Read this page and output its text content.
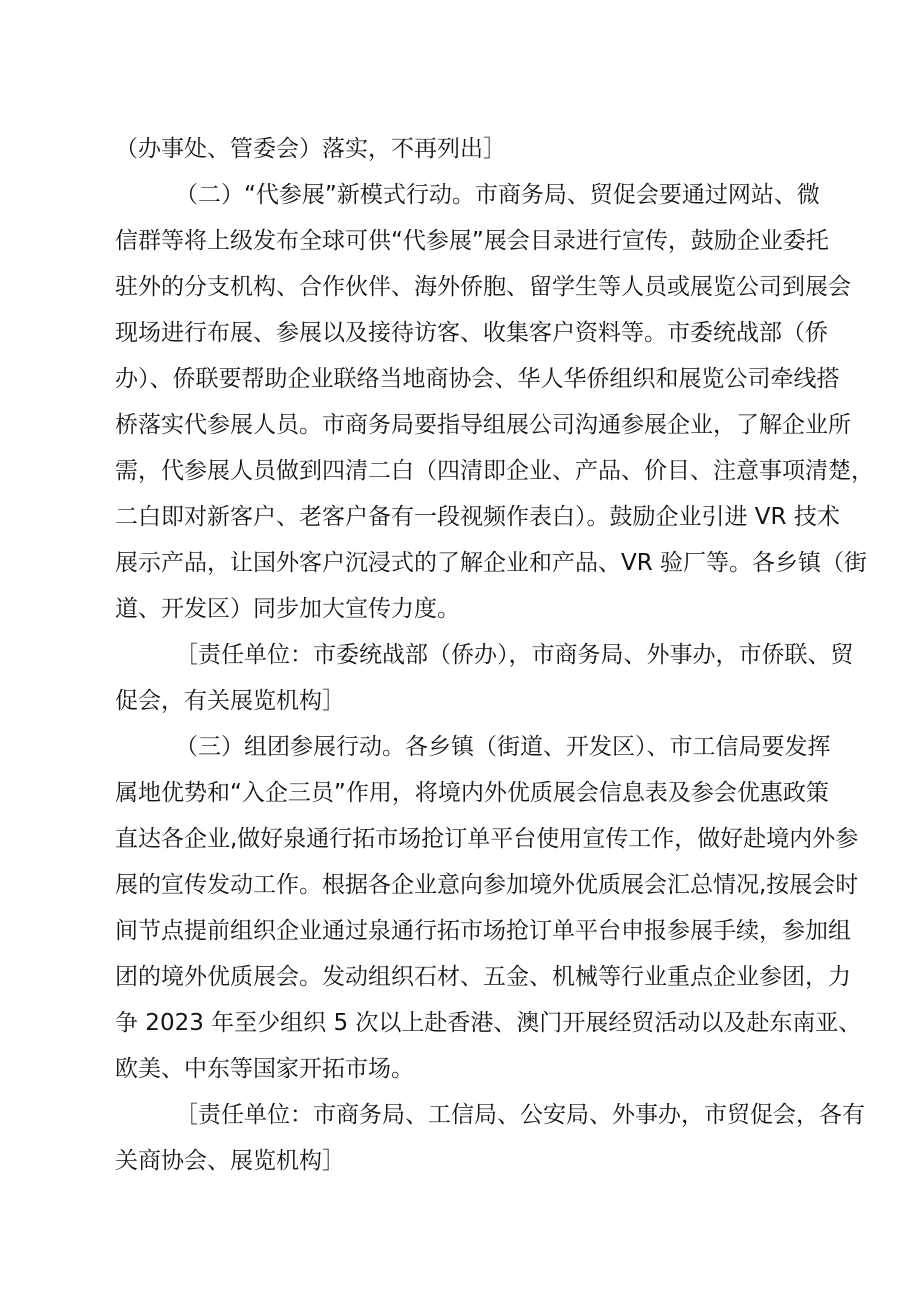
（办事处、管委会）落实，不再列出］
（二）“代参展”新模式行动。市商务局、贸促会要通过网站、微
信群等将上级发布全球可供“代参展”展会目录进行宣传，鼓励企业委托
驻外的分支机构、合作伙伴、海外侨胞、留学生等人员或展览公司到展会
现场进行布展、参展以及接待访客、收集客户资料等。市委统战部（侨
办）、侨联要帮助企业联络当地商协会、华人华侨组织和展览公司牵线搭
桥落实代参展人员。市商务局要指导组展公司沟通参展企业，了解企业所
需，代参展人员做到四清二白（四清即企业、产品、价目、注意事项清楚，
二白即对新客户、老客户备有一段视频作表白）。鼓励企业引进 VR 技术
展示产品，让国外客户沉浸式的了解企业和产品、VR 验厂等。各乡镇（街
道、开发区）同步加大宣传力度。
［责任单位：市委统战部（侨办），市商务局、外事办，市侨联、贸
促会，有关展览机构］
（三）组团参展行动。各乡镇（街道、开发区）、市工信局要发挥
属地优势和“入企三员”作用，将境内外优质展会信息表及参会优惠政策
直达各企业,做好泉通行拓市场抢订单平台使用宣传工作，做好赴境内外参
展的宣传发动工作。根据各企业意向参加境外优质展会汇总情况,按展会时
间节点提前组织企业通过泉通行拓市场抢订单平台申报参展手续，参加组
团的境外优质展会。发动组织石材、五金、机械等行业重点企业参团，力
争 2023 年至少组织 5 次以上赴香港、澳门开展经贸活动以及赴东南亚、
欧美、中东等国家开拓市场。
［责任单位：市商务局、工信局、公安局、外事办，市贸促会，各有
关商协会、展览机构］
